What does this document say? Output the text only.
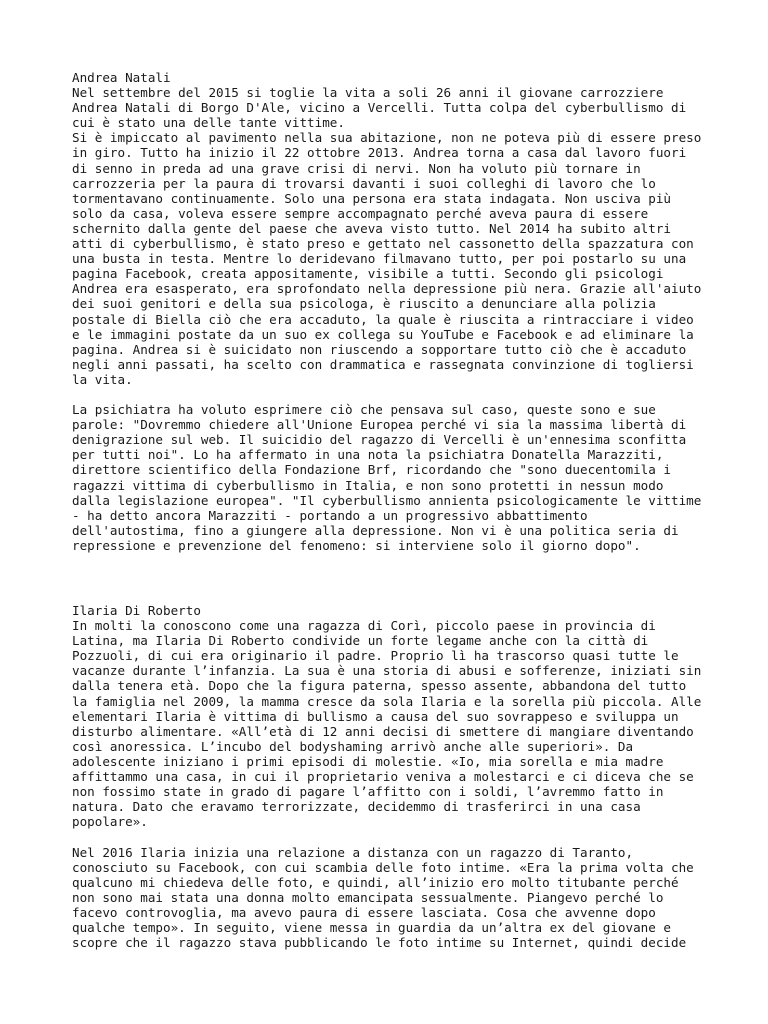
Andrea Natali
Nel settembre del 2015 si toglie la vita a soli 26 anni il giovane carrozziere
Andrea Natali di Borgo D'Ale, vicino a Vercelli. Tutta colpa del cyberbullismo di
cui è stato una delle tante vittime.
Si è impiccato al pavimento nella sua abitazione, non ne poteva più di essere preso
in giro. Tutto ha inizio il 22 ottobre 2013. Andrea torna a casa dal lavoro fuori
di senno in preda ad una grave crisi di nervi. Non ha voluto più tornare in
carrozzeria per la paura di trovarsi davanti i suoi colleghi di lavoro che lo
tormentavano continuamente. Solo una persona era stata indagata. Non usciva più
solo da casa, voleva essere sempre accompagnato perché aveva paura di essere
schernito dalla gente del paese che aveva visto tutto. Nel 2014 ha subito altri
atti di cyberbullismo, è stato preso e gettato nel cassonetto della spazzatura con
una busta in testa. Mentre lo deridevano filmavano tutto, per poi postarlo su una
pagina Facebook, creata appositamente, visibile a tutti. Secondo gli psicologi
Andrea era esasperato, era sprofondato nella depressione più nera. Grazie all'aiuto
dei suoi genitori e della sua psicologa, è riuscito a denunciare alla polizia
postale di Biella ciò che era accaduto, la quale è riuscita a rintracciare i video
e le immagini postate da un suo ex collega su YouTube e Facebook e ad eliminare la
pagina. Andrea si è suicidato non riuscendo a sopportare tutto ciò che è accaduto
negli anni passati, ha scelto con drammatica e rassegnata convinzione di togliersi
la vita.
La psichiatra ha voluto esprimere ciò che pensava sul caso, queste sono e sue
parole: "Dovremmo chiedere all'Unione Europea perché vi sia la massima libertà di
denigrazione sul web. Il suicidio del ragazzo di Vercelli è un'ennesima sconfitta
per tutti noi". Lo ha affermato in una nota la psichiatra Donatella Marazziti,
direttore scientifico della Fondazione Brf, ricordando che "sono duecentomila i
ragazzi vittima di cyberbullismo in Italia, e non sono protetti in nessun modo
dalla legislazione europea". "Il cyberbullismo annienta psicologicamente le vittime
- ha detto ancora Marazziti - portando a un progressivo abbattimento
dell'autostima, fino a giungere alla depressione. Non vi è una politica seria di
repressione e prevenzione del fenomeno: si interviene solo il giorno dopo".
Ilaria Di Roberto
In molti la conoscono come una ragazza di Corì, piccolo paese in provincia di
Latina, ma Ilaria Di Roberto condivide un forte legame anche con la città di
Pozzuoli, di cui era originario il padre. Proprio lì ha trascorso quasi tutte le
vacanze durante l’infanzia. La sua è una storia di abusi e sofferenze, iniziati sin
dalla tenera età. Dopo che la figura paterna, spesso assente, abbandona del tutto
la famiglia nel 2009, la mamma cresce da sola Ilaria e la sorella più piccola. Alle
elementari Ilaria è vittima di bullismo a causa del suo sovrappeso e sviluppa un
disturbo alimentare. «All’età di 12 anni decisi di smettere di mangiare diventando
così anoressica. L’incubo del bodyshaming arrivò anche alle superiori». Da
adolescente iniziano i primi episodi di molestie. «Io, mia sorella e mia madre
affittammo una casa, in cui il proprietario veniva a molestarci e ci diceva che se
non fossimo state in grado di pagare l’affitto con i soldi, l’avremmo fatto in
natura. Dato che eravamo terrorizzate, decidemmo di trasferirci in una casa
popolare».
Nel 2016 Ilaria inizia una relazione a distanza con un ragazzo di Taranto,
conosciuto su Facebook, con cui scambia delle foto intime. «Era la prima volta che
qualcuno mi chiedeva delle foto, e quindi, all’inizio ero molto titubante perché
non sono mai stata una donna molto emancipata sessualmente. Piangevo perché lo
facevo controvoglia, ma avevo paura di essere lasciata. Cosa che avvenne dopo
qualche tempo». In seguito, viene messa in guardia da un’altra ex del giovane e
scopre che il ragazzo stava pubblicando le foto intime su Internet, quindi decide
